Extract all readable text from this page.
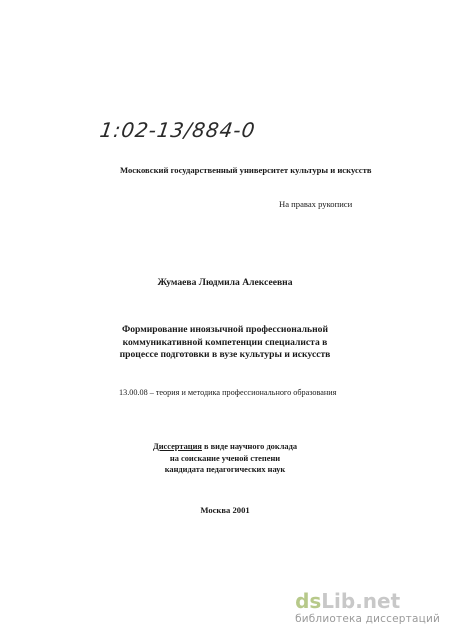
1:02-13/884-0
Московский государственный университет культуры и искусств
На правах рукописи
Жумаева Людмила Алексеевна
Формирование иноязычной профессиональной
коммуникативной компетенции специалиста в
процессе подготовки в вузе культуры и искусств
13.00.08 – теория и методика профессионального образования
Диссертация в виде научного доклада
на соискание ученой степени
кандидата педагогических наук
Москва 2001
ds Lib.net
библиотека диссертаций
